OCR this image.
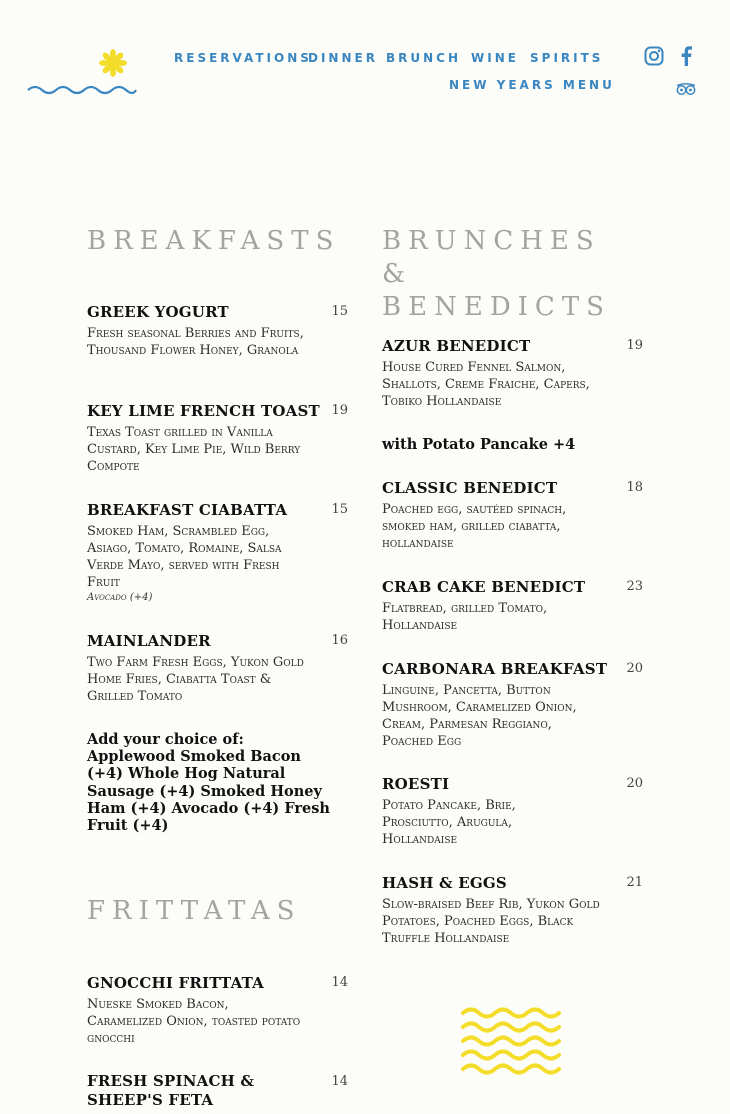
RESERVATIONS
DINNER BRUNCH WINE SPIRITS
NEW YEARS MENU
BREAKFASTS
GREEK YOGURT	15
Fresh seasonal Berries and Fruits, Thousand Flower Honey, Granola
KEY LIME FRENCH TOAST 19
Texas Toast grilled in Vanilla Custard, Key Lime Pie, Wild Berry Compote
BREAKFAST CIABATTA	15
Smoked Ham, Scrambled Egg, Asiago, Tomato, Romaine, Salsa Verde Mayo, served with Fresh Fruit
Avocado (+4)
MAINLANDER	16
Two Farm Fresh Eggs, Yukon Gold Home Fries, Ciabatta Toast & Grilled Tomato
Add your choice of: Applewood Smoked Bacon (+4) Whole Hog Natural Sausage (+4) Smoked Honey Ham (+4) Avocado (+4) Fresh Fruit (+4)
FRITTATAS
GNOCCHI FRITTATA	14
Nueske Smoked Bacon, Caramelized Onion, toasted potato gnocchi
FRESH SPINACH & SHEEP'S FETA
14
BRUNCHES & BENEDICTS
AZUR BENEDICT	19
House Cured Fennel Salmon, Shallots, Creme Fraiche, Capers, Tobiko Hollandaise
with Potato Pancake +4
CLASSIC BENEDICT	18
Poached egg, sautéed spinach, smoked ham, grilled ciabatta, hollandaise
CRAB CAKE BENEDICT	23
Flatbread, grilled Tomato, Hollandaise
CARBONARA BREAKFAST 20
Linguine, Pancetta, Button Mushroom, Caramelized Onion, Cream, Parmesan Reggiano, Poached Egg
ROESTI	20
Potato Pancake, Brie, Prosciutto, Arugula, Hollandaise
HASH & EGGS	21
Slow-braised Beef Rib, Yukon Gold Potatoes, Poached Eggs, Black Truffle Hollandaise
